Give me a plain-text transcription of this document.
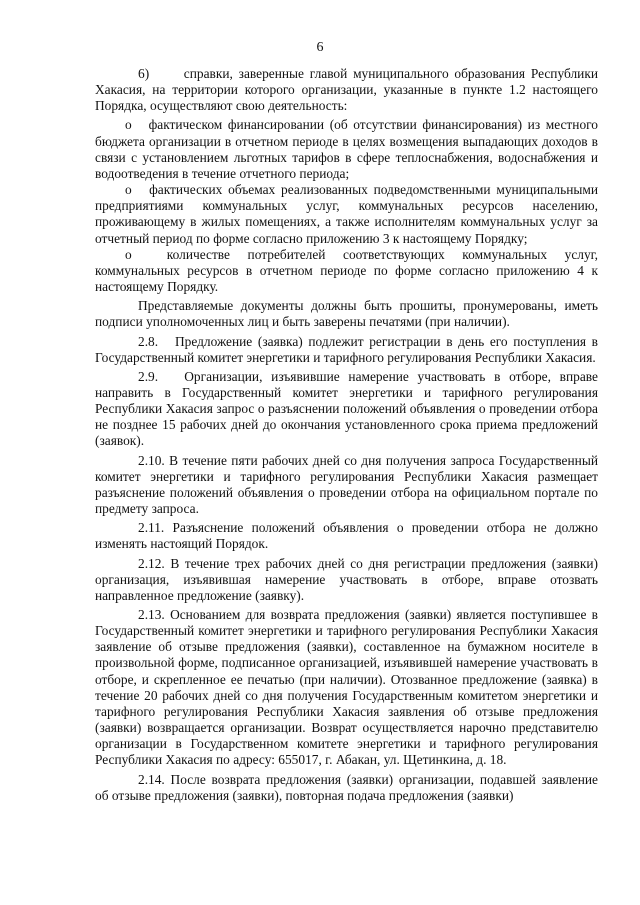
6

6)      справки, заверенные главой муниципального образования Республики Хакасия, на территории которого организации, указанные в пункте 1.2 настоящего Порядка, осуществляют свою деятельность:

о   фактическом финансировании (об отсутствии финансирования) из местного бюджета организации в отчетном периоде в целях возмещения выпадающих доходов в связи с установлением льготных тарифов в сфере теплоснабжения, водоснабжения и водоотведения в течение отчетного периода;

о   фактических объемах реализованных подведомственными муниципальными предприятиями коммунальных услуг, коммунальных ресурсов населению, проживающему в жилых помещениях, а также исполнителям коммунальных услуг за отчетный период по форме согласно приложению 3 к настоящему Порядку;

о  количестве потребителей соответствующих коммунальных услуг, коммунальных ресурсов в отчетном периоде по форме согласно приложению 4 к настоящему Порядку.

Представляемые документы должны быть прошиты, пронумерованы, иметь подписи уполномоченных лиц и быть заверены печатями (при наличии).

2.8.   Предложение (заявка) подлежит регистрации в день его поступления в Государственный комитет энергетики и тарифного регулирования Республики Хакасия.

2.9.   Организации, изъявившие намерение участвовать в отборе, вправе направить в Государственный комитет энергетики и тарифного регулирования Республики Хакасия запрос о разъяснении положений объявления о проведении отбора не позднее 15 рабочих дней до окончания установленного срока приема предложений (заявок).

2.10. В течение пяти рабочих дней со дня получения запроса Государственный комитет энергетики и тарифного регулирования Республики Хакасия размещает разъяснение положений объявления о проведении отбора на официальном портале по предмету запроса.

2.11. Разъяснение положений объявления о проведении отбора не должно изменять настоящий Порядок.

2.12. В течение трех рабочих дней со дня регистрации предложения (заявки) организация, изъявившая намерение участвовать в отборе, вправе отозвать направленное предложение (заявку).

2.13. Основанием для возврата предложения (заявки) является поступившее в Государственный комитет энергетики и тарифного регулирования Республики Хакасия заявление об отзыве предложения (заявки), составленное на бумажном носителе в произвольной форме, подписанное организацией, изъявившей намерение участвовать в отборе, и скрепленное ее печатью (при наличии). Отозванное предложение (заявка) в течение 20 рабочих дней со дня получения Государственным комитетом энергетики и тарифного регулирования Республики Хакасия заявления об отзыве предложения (заявки) возвращается организации. Возврат осуществляется нарочно представителю организации в Государственном комитете энергетики и тарифного регулирования Республики Хакасия по адресу: 655017, г. Абакан, ул. Щетинкина, д. 18.

2.14. После возврата предложения (заявки) организации, подавшей заявление об отзыве предложения (заявки), повторная подача предложения (заявки)
